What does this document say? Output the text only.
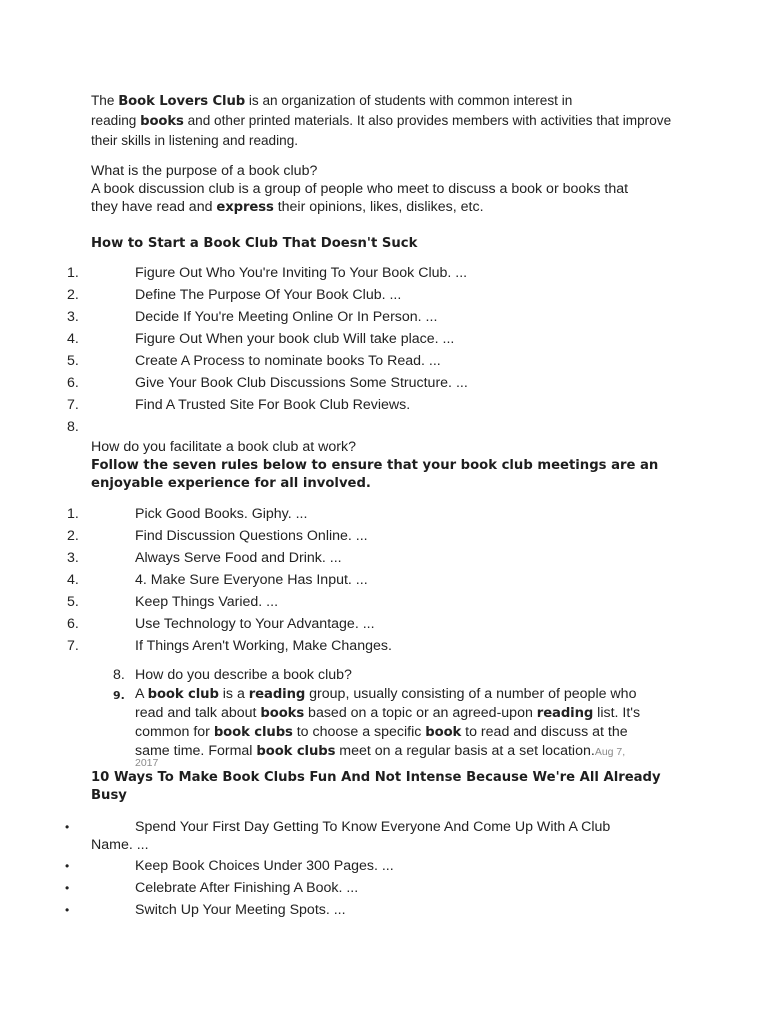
The Book Lovers Club is an organization of students with common interest in
reading books and other printed materials. It also provides members with activities that improve
their skills in listening and reading.
What is the purpose of a book club?
A book discussion club is a group of people who meet to discuss a book or books that
they have read and express their opinions, likes, dislikes, etc.
How to Start a Book Club That Doesn't Suck
1.	Figure Out Who You're Inviting To Your Book Club. ...
2.	Define The Purpose Of Your Book Club. ...
3.	Decide If You're Meeting Online Or In Person. ...
4.	Figure Out When your book club Will take place. ...
5.	Create A Process to nominate books To Read. ...
6.	Give Your Book Club Discussions Some Structure. ...
7.	Find A Trusted Site For Book Club Reviews.
8.
How do you facilitate a book club at work?
Follow the seven rules below to ensure that your book club meetings are an
enjoyable experience for all involved.
1.	Pick Good Books. Giphy. ...
2.	Find Discussion Questions Online. ...
3.	Always Serve Food and Drink. ...
4.	4. Make Sure Everyone Has Input. ...
5.	Keep Things Varied. ...
6.	Use Technology to Your Advantage. ...
7.	If Things Aren't Working, Make Changes.
8. How do you describe a book club?
9. A book club is a reading group, usually consisting of a number of people who
read and talk about books based on a topic or an agreed-upon reading list. It's
common for book clubs to choose a specific book to read and discuss at the
same time. Formal book clubs meet on a regular basis at a set location.Aug 7,
2017
10 Ways To Make Book Clubs Fun And Not Intense Because We're All Already
Busy
•	Spend Your First Day Getting To Know Everyone And Come Up With A Club
Name. ...
•	Keep Book Choices Under 300 Pages. ...
•	Celebrate After Finishing A Book. ...
•	Switch Up Your Meeting Spots. ...
